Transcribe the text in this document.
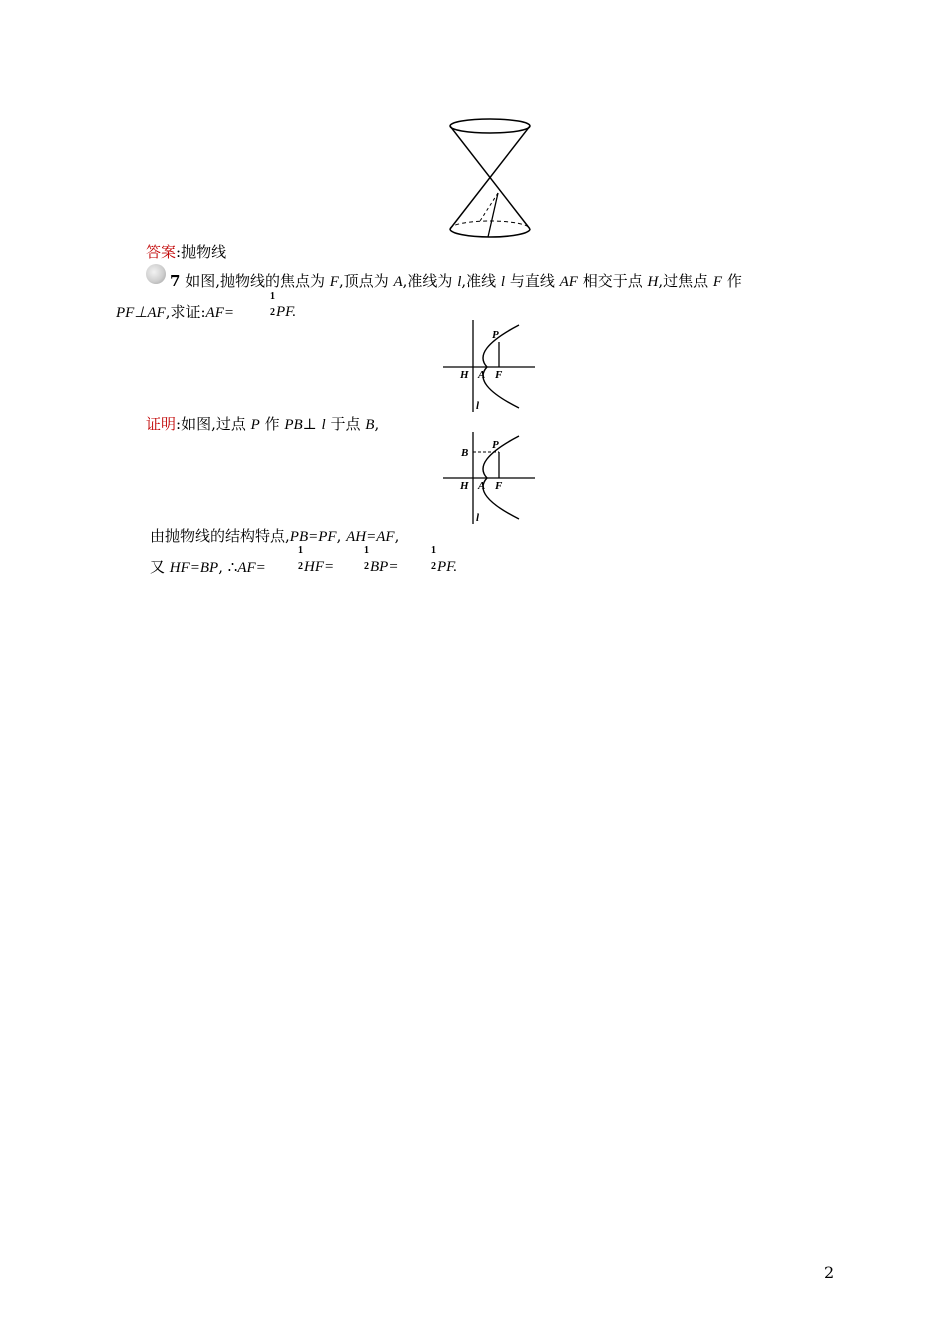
答案:抛物线
7 如图,抛物线的焦点为 F,顶点为 A,准线为 l,准线 l 与直线 AF 相交于点 H,过焦点 F 作
PF⊥AF,求证:AF=
1
2 PF.
P
H A F
l
证明:如图,过点 P 作 PB⊥ l 于点 B,
B
P
H A F
l
由抛物线的结构特点,PB=PF, AH=AF,
又 HF=BP, ∴AF=
1
2 HF=
1
2 BP=
1
2 PF.
2
